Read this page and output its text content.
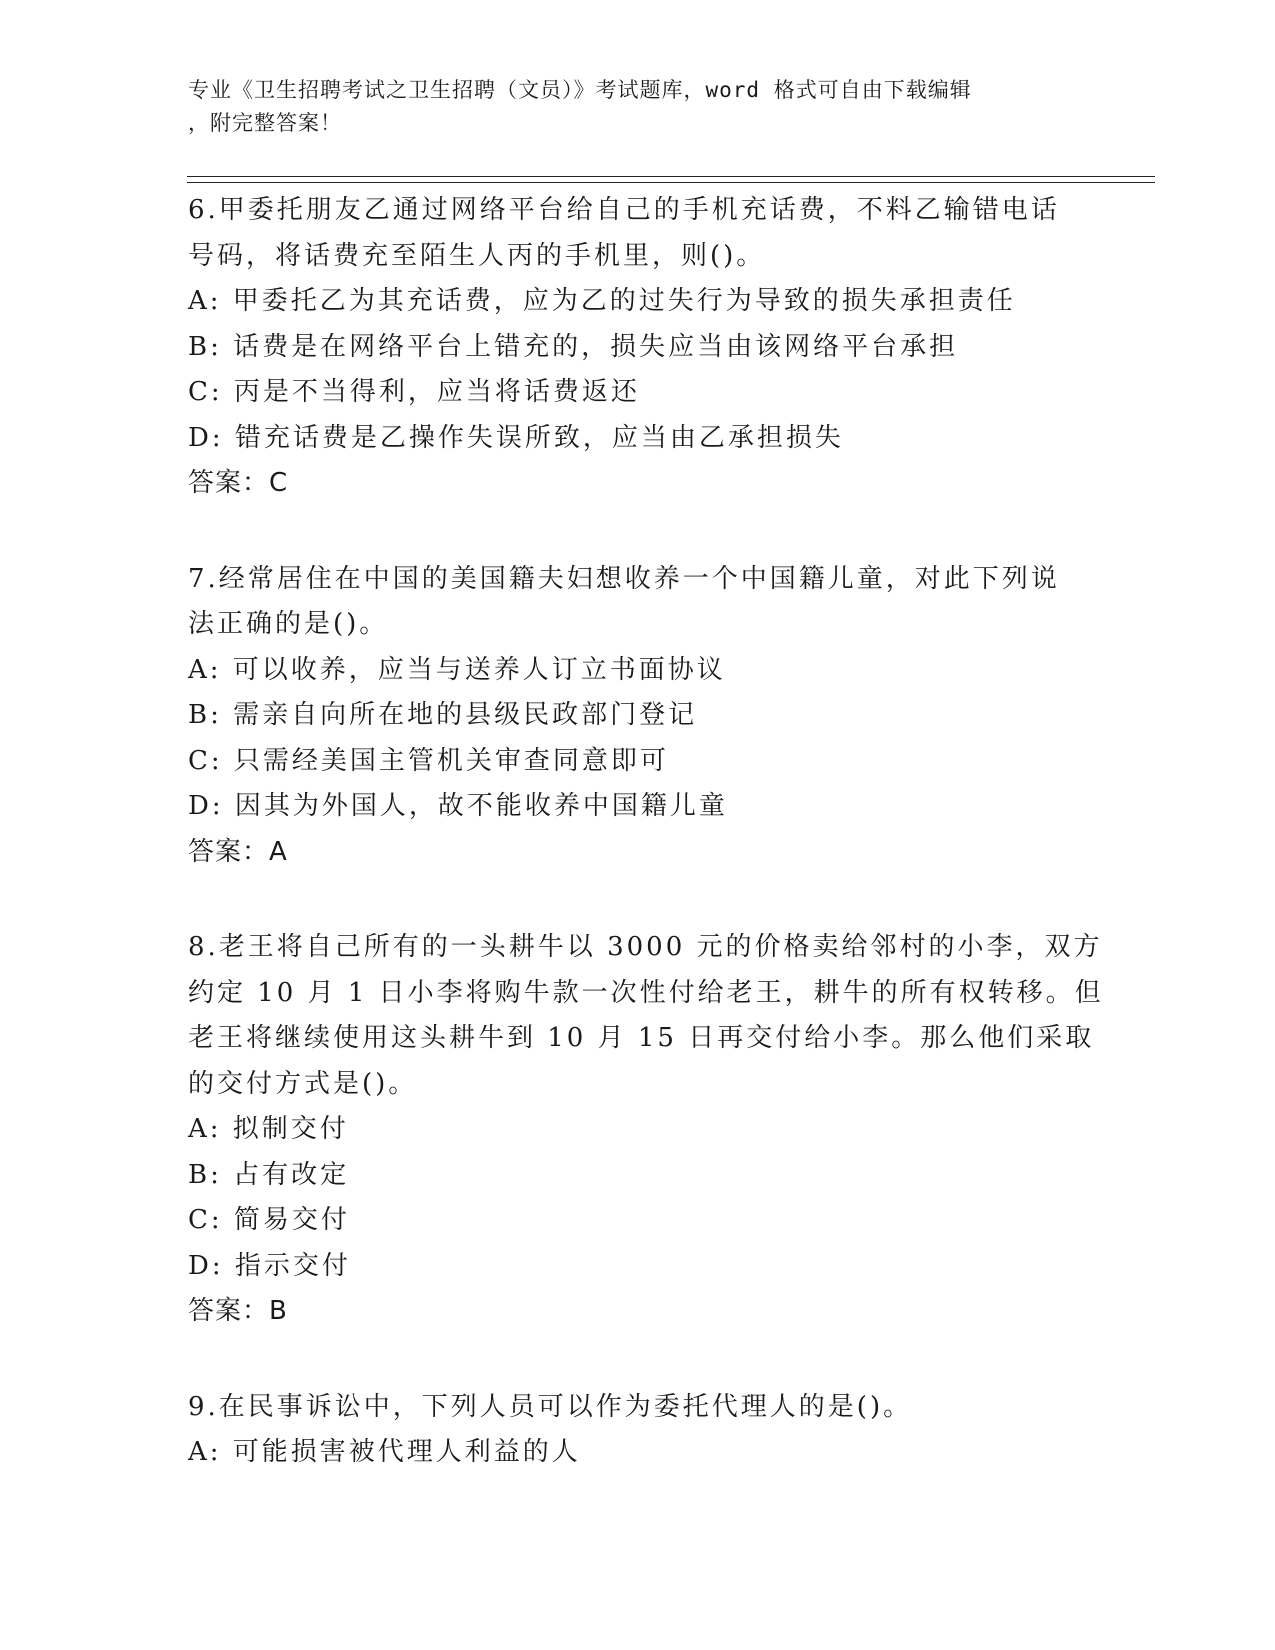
专业《卫生招聘考试之卫生招聘（文员）》考试题库，word 格式可自由下载编辑
，附完整答案！
6.甲委托朋友乙通过网络平台给自己的手机充话费，不料乙输错电话
号码，将话费充至陌生人丙的手机里，则()。
A: 甲委托乙为其充话费，应为乙的过失行为导致的损失承担责任
B: 话费是在网络平台上错充的，损失应当由该网络平台承担
C: 丙是不当得利，应当将话费返还
D: 错充话费是乙操作失误所致，应当由乙承担损失
答案：C
7.经常居住在中国的美国籍夫妇想收养一个中国籍儿童，对此下列说
法正确的是()。
A: 可以收养，应当与送养人订立书面协议
B: 需亲自向所在地的县级民政部门登记
C: 只需经美国主管机关审查同意即可
D: 因其为外国人，故不能收养中国籍儿童
答案：A
8.老王将自己所有的一头耕牛以 3000 元的价格卖给邻村的小李，双方
约定 10 月 1 日小李将购牛款一次性付给老王，耕牛的所有权转移。但
老王将继续使用这头耕牛到 10 月 15 日再交付给小李。那么他们采取
的交付方式是()。
A: 拟制交付
B: 占有改定
C: 简易交付
D: 指示交付
答案：B
9.在民事诉讼中，下列人员可以作为委托代理人的是()。
A: 可能损害被代理人利益的人
